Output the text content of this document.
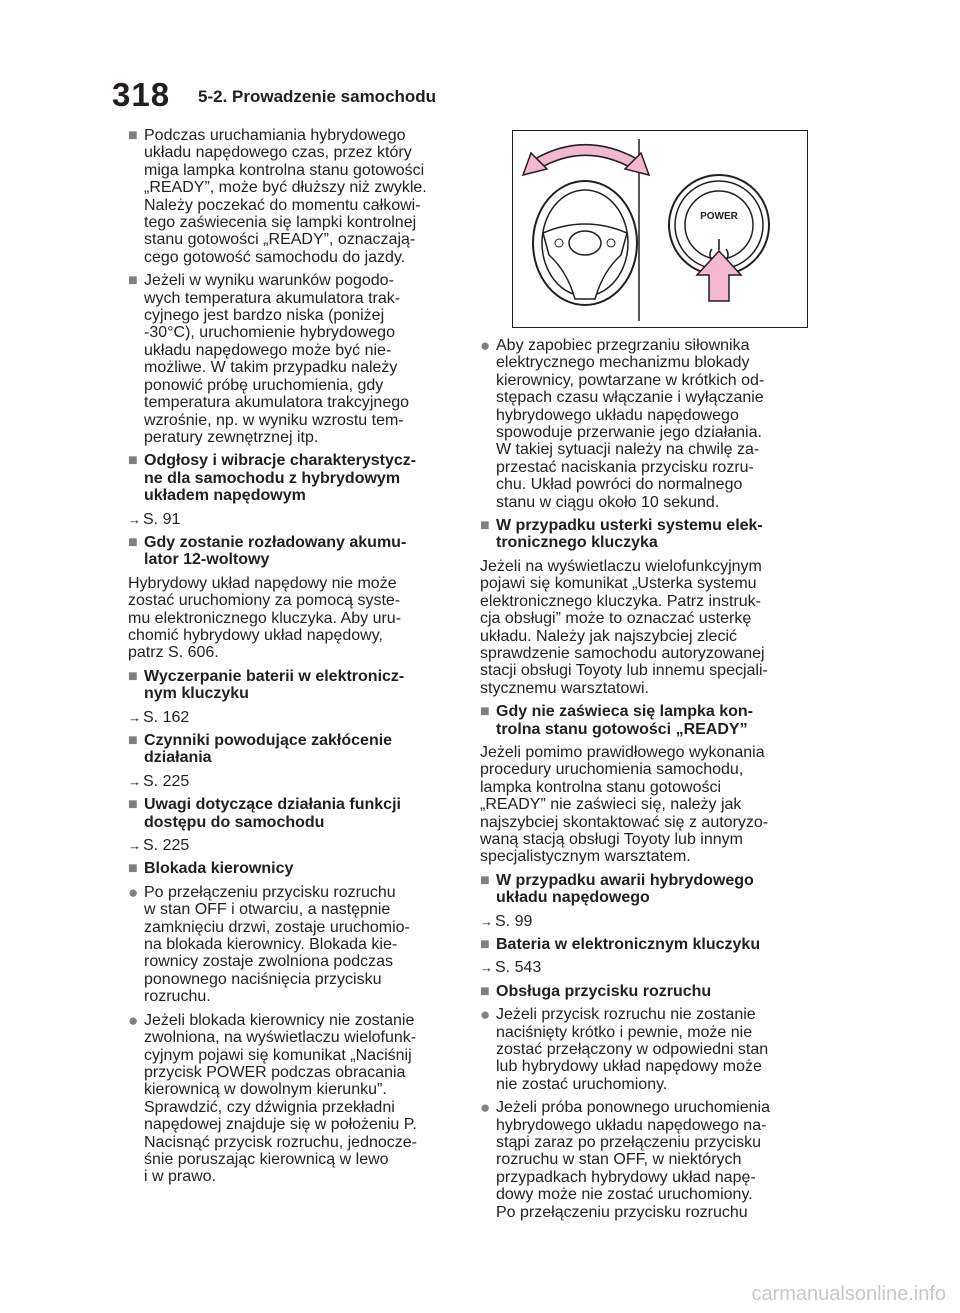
318 5-2. Prowadzenie samochodu
■ Podczas uruchamiania hybrydowego
układu napędowego czas, przez który
miga lampka kontrolna stanu gotowości
„READY”, może być dłuższy niż zwykle.
Należy poczekać do momentu całkowi-
tego zaświecenia się lampki kontrolnej
stanu gotowości „READY”, oznaczają-
cego gotowość samochodu do jazdy.
■ Jeżeli w wyniku warunków pogodo-
wych temperatura akumulatora trak-
cyjnego jest bardzo niska (poniżej
-30°C), uruchomienie hybrydowego
układu napędowego może być nie-
możliwe. W takim przypadku należy
ponowić próbę uruchomienia, gdy
temperatura akumulatora trakcyjnego
wzrośnie, np. w wyniku wzrostu tem-
peratury zewnętrznej itp.
■ Odgłosy i wibracje charakterystycz-
ne dla samochodu z hybrydowym
układem napędowym
→ S. 91
■ Gdy zostanie rozładowany akumu-
lator 12-woltowy
Hybrydowy układ napędowy nie może
zostać uruchomiony za pomocą syste-
mu elektronicznego kluczyka. Aby uru-
chomić hybrydowy układ napędowy,
patrz S. 606.
■ Wyczerpanie baterii w elektronicz-
nym kluczyku
→ S. 162
■ Czynniki powodujące zakłócenie
działania
→ S. 225
■ Uwagi dotyczące działania funkcji
dostępu do samochodu
→ S. 225
■ Blokada kierownicy
● Po przełączeniu przycisku rozruchu
w stan OFF i otwarciu, a następnie
zamknięciu drzwi, zostaje uruchomio-
na blokada kierownicy. Blokada kie-
rownicy zostaje zwolniona podczas
ponownego naciśnięcia przycisku
rozruchu.
● Jeżeli blokada kierownicy nie zostanie
zwolniona, na wyświetlaczu wielofunk-
cyjnym pojawi się komunikat „Naciśnij
przycisk POWER podczas obracania
kierownicą w dowolnym kierunku”.
Sprawdzić, czy dźwignia przekładni
napędowej znajduje się w położeniu P.
Nacisnąć przycisk rozruchu, jednocze-
śnie poruszając kierownicą w lewo
i w prawo.
POWER
● Aby zapobiec przegrzaniu siłownika
elektrycznego mechanizmu blokady
kierownicy, powtarzane w krótkich od-
stępach czasu włączanie i wyłączanie
hybrydowego układu napędowego
spowoduje przerwanie jego działania.
W takiej sytuacji należy na chwilę za-
przestać naciskania przycisku rozru-
chu. Układ powróci do normalnego
stanu w ciągu około 10 sekund.
■ W przypadku usterki systemu elek-
tronicznego kluczyka
Jeżeli na wyświetlaczu wielofunkcyjnym
pojawi się komunikat „Usterka systemu
elektronicznego kluczyka. Patrz instruk-
cja obsługi” może to oznaczać usterkę
układu. Należy jak najszybciej zlecić
sprawdzenie samochodu autoryzowanej
stacji obsługi Toyoty lub innemu specjali-
stycznemu warsztatowi.
■ Gdy nie zaświeca się lampka kon-
trolna stanu gotowości „READY”
Jeżeli pomimo prawidłowego wykonania
procedury uruchomienia samochodu,
lampka kontrolna stanu gotowości
„READY” nie zaświeci się, należy jak
najszybciej skontaktować się z autoryzo-
waną stacją obsługi Toyoty lub innym
specjalistycznym warsztatem.
■ W przypadku awarii hybrydowego
układu napędowego
→ S. 99
■ Bateria w elektronicznym kluczyku
→ S. 543
■ Obsługa przycisku rozruchu
● Jeżeli przycisk rozruchu nie zostanie
naciśnięty krótko i pewnie, może nie
zostać przełączony w odpowiedni stan
lub hybrydowy układ napędowy może
nie zostać uruchomiony.
● Jeżeli próba ponownego uruchomienia
hybrydowego układu napędowego na-
stąpi zaraz po przełączeniu przycisku
rozruchu w stan OFF, w niektórych
przypadkach hybrydowy układ napę-
dowy może nie zostać uruchomiony.
Po przełączeniu przycisku rozruchu
carmanualsonline.info
